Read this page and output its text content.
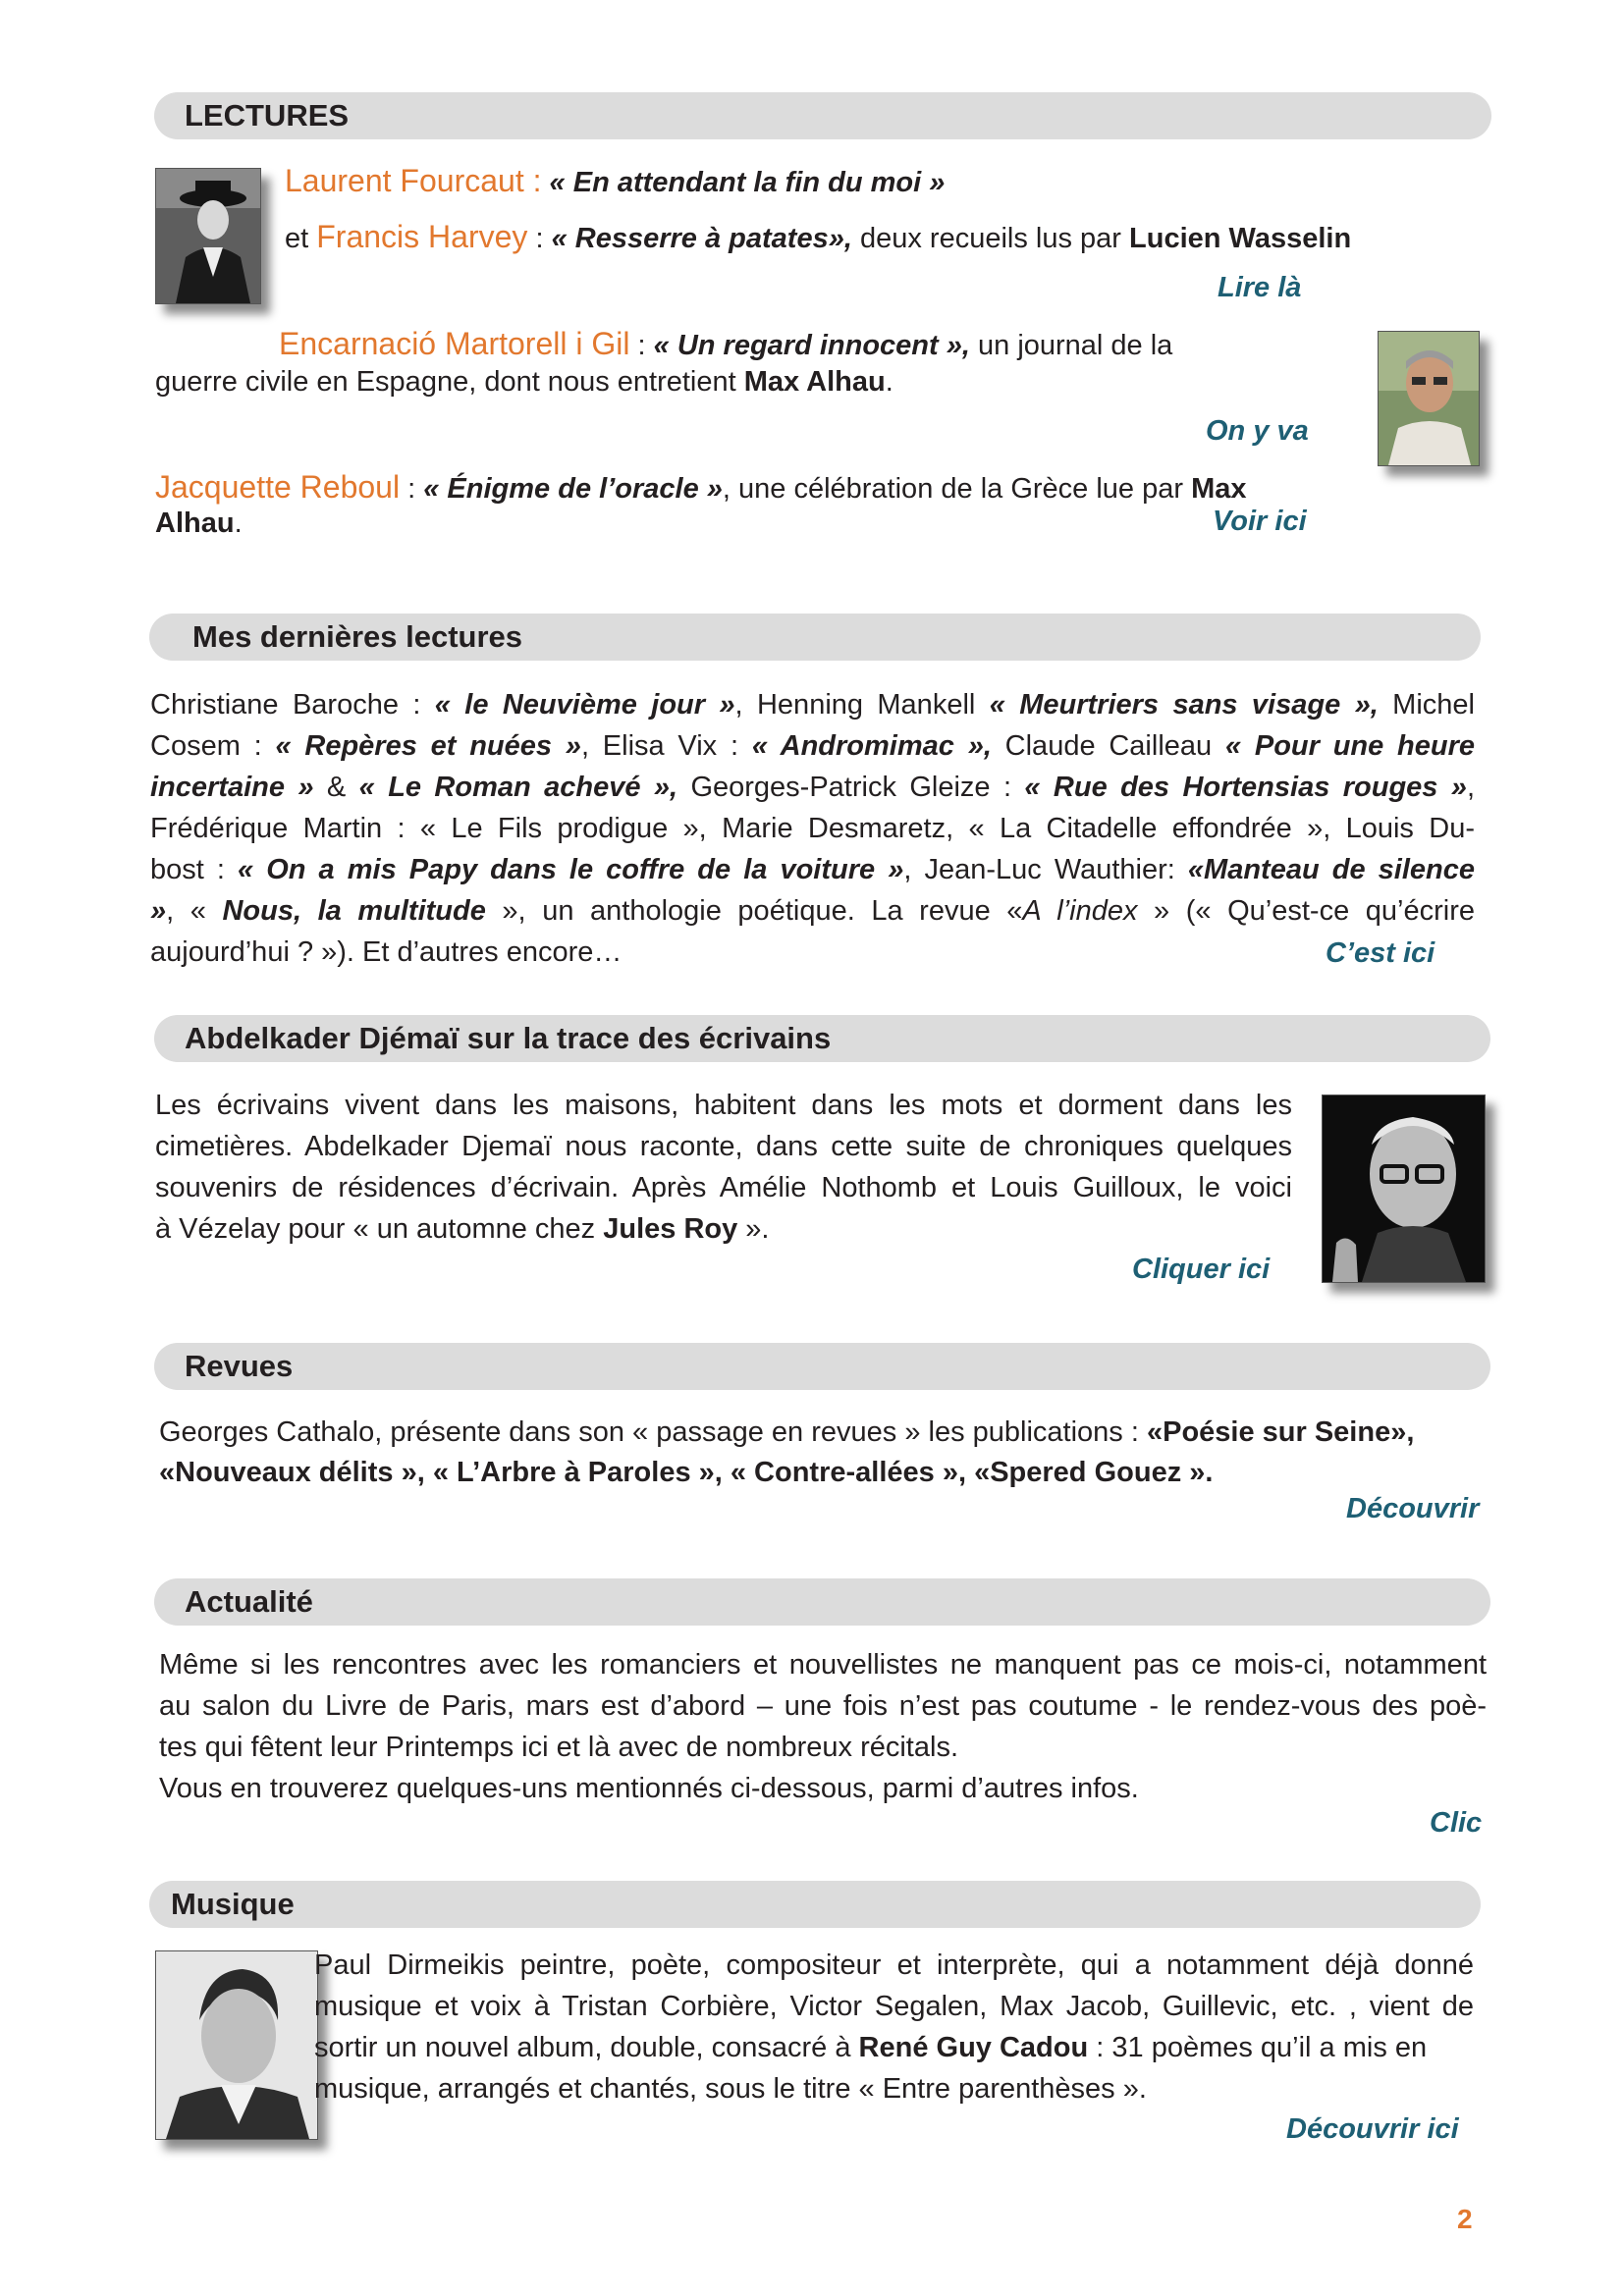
LECTURES
Laurent Fourcaut : « En attendant la fin du moi »
et Francis Harvey : « Resserre à patates», deux recueils lus par Lucien Wasselin
Lire là
Encarnació Martorell i Gil : « Un regard innocent », un journal de la
guerre civile en Espagne, dont nous entretient Max Alhau.
On y va
Jacquette Reboul : « Énigme de l’oracle », une célébration de la Grèce lue par Max
Alhau.	Voir ici
Mes dernières lectures
Christiane Baroche : « le Neuvième jour », Henning Mankell « Meurtriers sans visage », Michel
Cosem : « Repères et nuées », Elisa Vix : « Andromimac », Claude Cailleau « Pour une heure
incertaine » & « Le Roman achevé », Georges-Patrick Gleize : « Rue des Hortensias rouges »,
Frédérique Martin : « Le Fils prodigue », Marie Desmaretz, « La Citadelle effondrée », Louis Du-
bost : « On a mis Papy dans le coffre de la voiture », Jean-Luc Wauthier: «Manteau de silence
», « Nous, la multitude », un anthologie poétique. La revue «A l’index » (« Qu’est-ce qu’écrire
aujourd’hui ? »). Et d’autres encore…	C’est ici
Abdelkader Djémaï sur la trace des écrivains
Les écrivains vivent dans les maisons, habitent dans les mots et dorment dans les
cimetières. Abdelkader Djemaï nous raconte, dans cette suite de chroniques quelques
souvenirs de résidences d’écrivain. Après Amélie Nothomb et Louis Guilloux, le voici
à Vézelay pour « un automne chez Jules Roy ».
Cliquer ici
Revues
Georges Cathalo, présente dans son « passage en revues » les publications : «Poésie sur Seine»,
«Nouveaux délits », « L’Arbre à Paroles », « Contre-allées », «Spered Gouez ».
Découvrir
Actualité
Même si les rencontres avec les romanciers et nouvellistes ne manquent pas ce mois-ci, notamment
au salon du Livre de Paris, mars est d’abord – une fois n’est pas coutume - le rendez-vous des poè-
tes qui fêtent leur Printemps ici et là avec de nombreux récitals.
Vous en trouverez quelques-uns mentionnés ci-dessous, parmi d’autres infos.
Clic
Musique
Paul Dirmeikis peintre, poète, compositeur et interprète, qui a notamment déjà donné
musique et voix à Tristan Corbière, Victor Segalen, Max Jacob, Guillevic, etc. , vient de
sortir un nouvel album, double, consacré à René Guy Cadou : 31 poèmes qu’il a mis en
musique, arrangés et chantés, sous le titre « Entre parenthèses ».
Découvrir ici
2
